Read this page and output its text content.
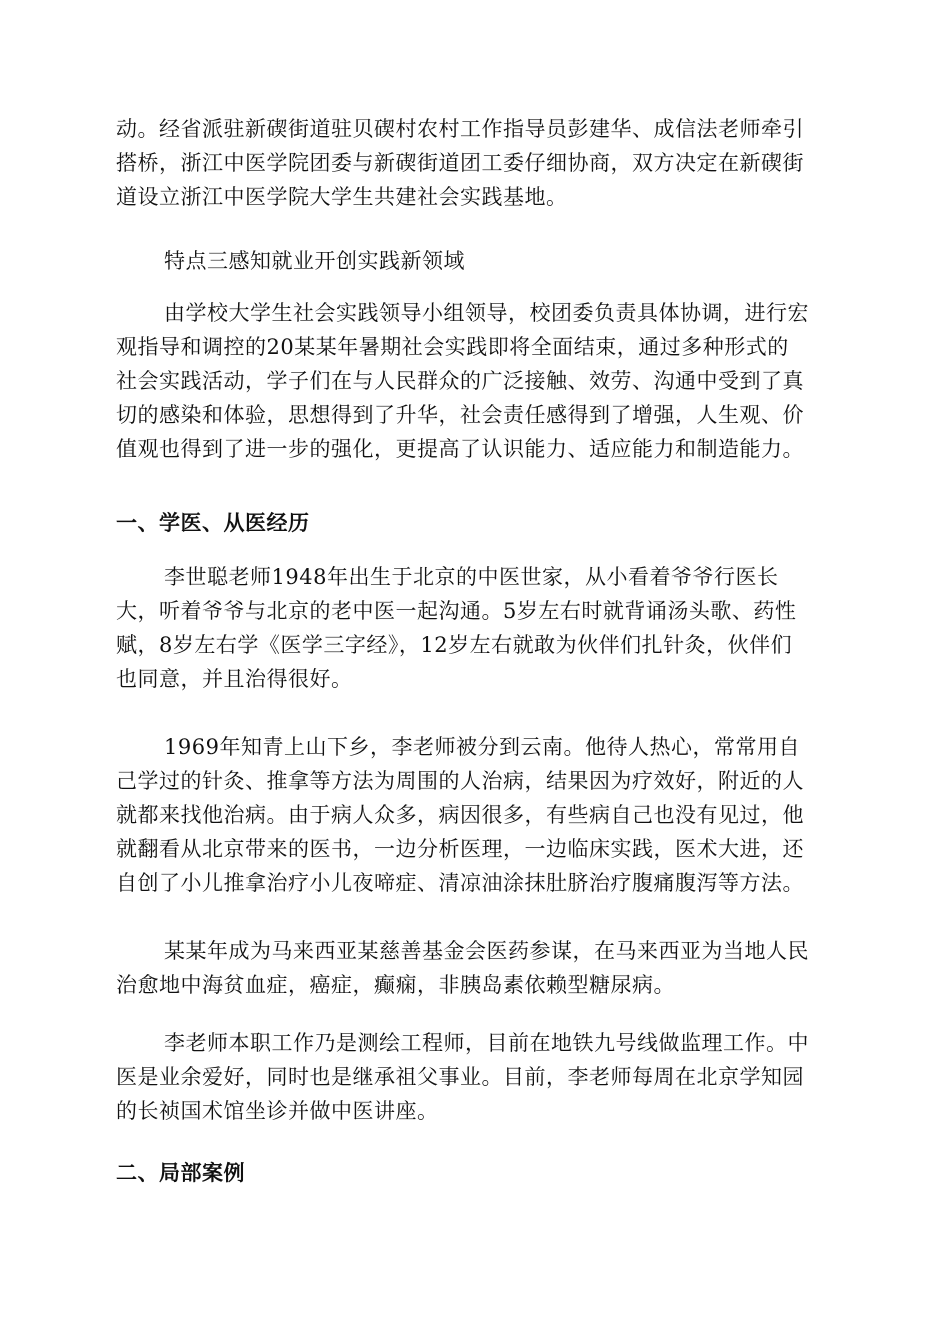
动。经省派驻新碶街道驻贝碶村农村工作指导员彭建华、成信法老师牵引
搭桥，浙江中医学院团委与新碶街道团工委仔细协商，双方决定在新碶街
道设立浙江中医学院大学生共建社会实践基地。
特点三感知就业开创实践新领域
由学校大学生社会实践领导小组领导，校团委负责具体协调，进行宏
观指导和调控的20某某年暑期社会实践即将全面结束，通过多种形式的
社会实践活动，学子们在与人民群众的广泛接触、效劳、沟通中受到了真
切的感染和体验，思想得到了升华，社会责任感得到了增强，人生观、价
值观也得到了进一步的强化，更提高了认识能力、适应能力和制造能力。
一、学医、从医经历
李世聪老师1948年出生于北京的中医世家，从小看着爷爷行医长
大，听着爷爷与北京的老中医一起沟通。5岁左右时就背诵汤头歌、药性
赋，8岁左右学《医学三字经》，12岁左右就敢为伙伴们扎针灸，伙伴们
也同意，并且治得很好。
1969年知青上山下乡，李老师被分到云南。他待人热心，常常用自
己学过的针灸、推拿等方法为周围的人治病，结果因为疗效好，附近的人
就都来找他治病。由于病人众多，病因很多，有些病自己也没有见过，他
就翻看从北京带来的医书，一边分析医理，一边临床实践，医术大进，还
自创了小儿推拿治疗小儿夜啼症、清凉油涂抹肚脐治疗腹痛腹泻等方法。
某某年成为马来西亚某慈善基金会医药参谋，在马来西亚为当地人民
治愈地中海贫血症，癌症，癫痫，非胰岛素依赖型糖尿病。
李老师本职工作乃是测绘工程师，目前在地铁九号线做监理工作。中
医是业余爱好，同时也是继承祖父事业。目前，李老师每周在北京学知园
的长祯国术馆坐诊并做中医讲座。
二、局部案例
